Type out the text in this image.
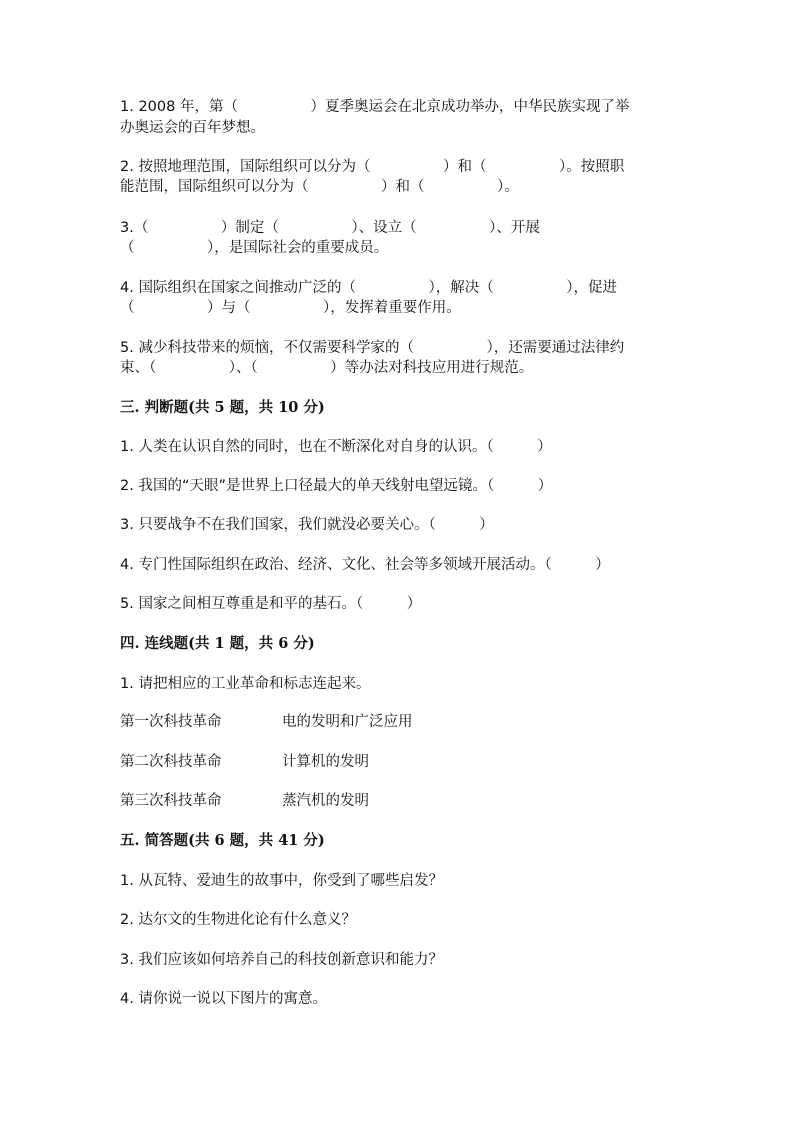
1. 2008 年，第（　　　　　）夏季奥运会在北京成功举办，中华民族实现了举
办奥运会的百年梦想。
2. 按照地理范围，国际组织可以分为（　　　　　）和（　　　　　）。按照职
能范围，国际组织可以分为（　　　　　）和（　　　　　）。
3.（　　　　　）制定（　　　　　）、设立（　　　　　）、开展
（　　　　　），是国际社会的重要成员。
4. 国际组织在国家之间推动广泛的（　　　　　），解决（　　　　　），促进
（　　　　　）与（　　　　　），发挥着重要作用。
5. 减少科技带来的烦恼，不仅需要科学家的（　　　　　），还需要通过法律约
束、（　　　　　）、（　　　　　）等办法对科技应用进行规范。
三. 判断题(共 5 题，共 10 分)
1. 人类在认识自然的同时，也在不断深化对自身的认识。（　　　）
2. 我国的“天眼”是世界上口径最大的单天线射电望远镜。（　　　）
3. 只要战争不在我们国家，我们就没必要关心。（　　　）
4. 专门性国际组织在政治、经济、文化、社会等多领域开展活动。（　　　）
5. 国家之间相互尊重是和平的基石。（　　　）
四. 连线题(共 1 题，共 6 分)
1. 请把相应的工业革命和标志连起来。
第一次科技革命	电的发明和广泛应用
第二次科技革命	计算机的发明
第三次科技革命	蒸汽机的发明
五. 简答题(共 6 题，共 41 分)
1. 从瓦特、爱迪生的故事中，你受到了哪些启发？
2. 达尔文的生物进化论有什么意义？
3. 我们应该如何培养自己的科技创新意识和能力？
4. 请你说一说以下图片的寓意。
